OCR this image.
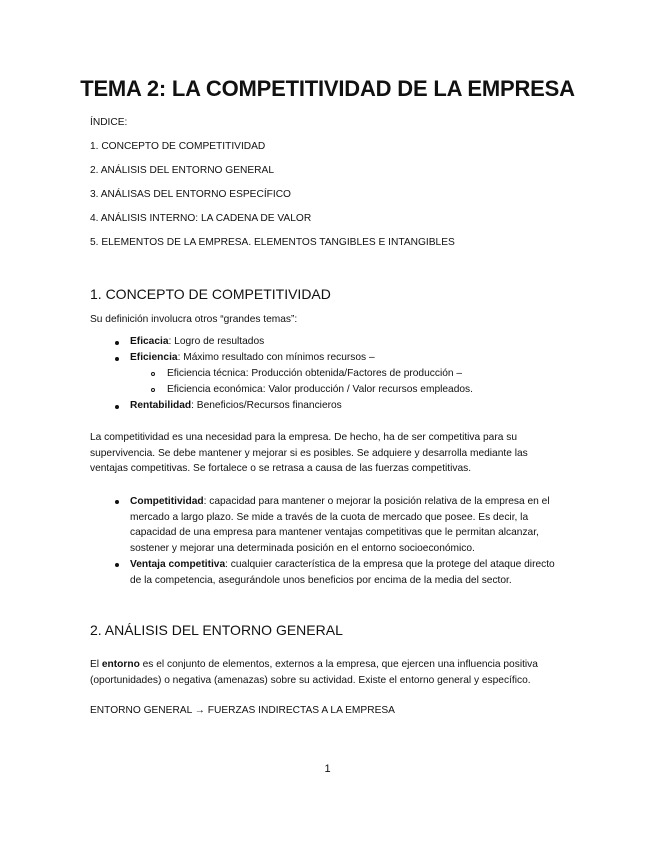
TEMA 2: LA COMPETITIVIDAD DE LA EMPRESA
ÍNDICE:
1. CONCEPTO DE COMPETITIVIDAD
2. ANÁLISIS DEL ENTORNO GENERAL
3. ANÁLISAS DEL ENTORNO ESPECÍFICO
4. ANÁLISIS INTERNO: LA CADENA DE VALOR
5. ELEMENTOS DE LA EMPRESA. ELEMENTOS TANGIBLES E INTANGIBLES
1. CONCEPTO DE COMPETITIVIDAD
Su definición involucra otros “grandes temas”:
Eficacia: Logro de resultados
Eficiencia: Máximo resultado con mínimos recursos –
Eficiencia técnica: Producción obtenida/Factores de producción –
Eficiencia económica: Valor producción / Valor recursos empleados.
Rentabilidad: Beneficios/Recursos financieros
La competitividad es una necesidad para la empresa. De hecho, ha de ser competitiva para su supervivencia. Se debe mantener y mejorar si es posibles. Se adquiere y desarrolla mediante las ventajas competitivas. Se fortalece o se retrasa a causa de las fuerzas competitivas.
Competitividad: capacidad para mantener o mejorar la posición relativa de la empresa en el mercado a largo plazo. Se mide a través de la cuota de mercado que posee. Es decir, la capacidad de una empresa para mantener ventajas competitivas que le permitan alcanzar, sostener y mejorar una determinada posición en el entorno socioeconómico.
Ventaja competitiva: cualquier característica de la empresa que la protege del ataque directo de la competencia, asegurándole unos beneficios por encima de la media del sector.
2. ANÁLISIS DEL ENTORNO GENERAL
El entorno es el conjunto de elementos, externos a la empresa, que ejercen una influencia positiva (oportunidades) o negativa (amenazas) sobre su actividad. Existe el entorno general y específico.
ENTORNO GENERAL → FUERZAS INDIRECTAS A LA EMPRESA
1
